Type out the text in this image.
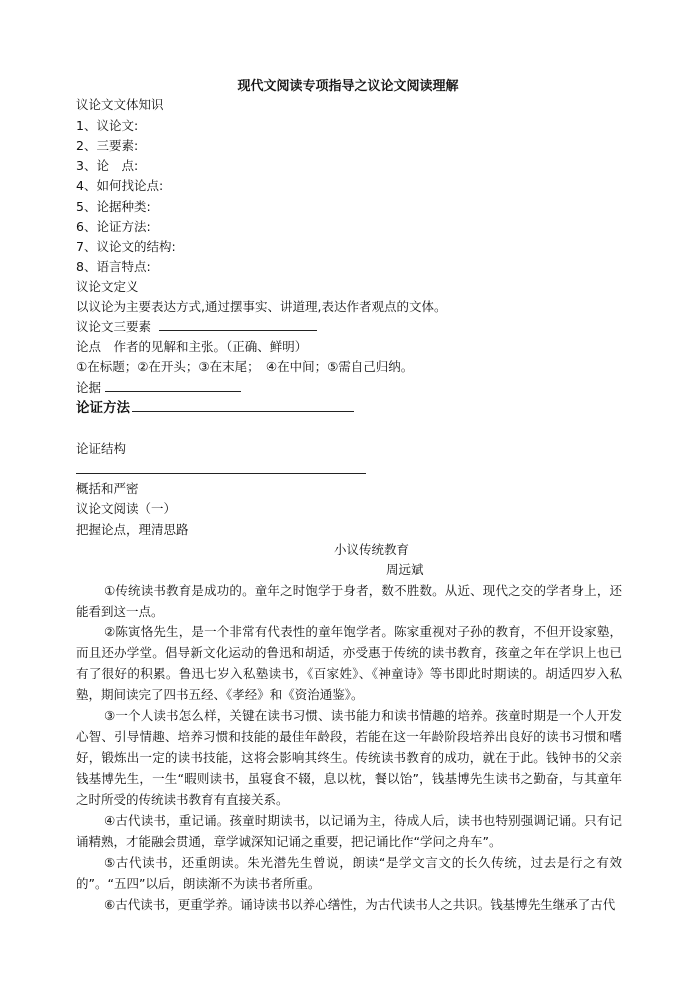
现代文阅读专项指导之议论文阅读理解
议论文文体知识
1、议论文:
2、三要素:
3、论　点:
4、如何找论点:
5、论据种类:
6、论证方法:
7、议论文的结构:
8、语言特点:
议论文定义
以议论为主要表达方式,通过摆事实、讲道理,表达作者观点的文体。
议论文三要素
论点　作者的见解和主张。（正确、鲜明）
①在标题；②在开头；③在末尾；　④在中间；⑤需自己归纳。
论据
论证方法
论证结构
概括和严密
议论文阅读（一）
把握论点，理清思路
小议传统教育
周远斌
①传统读书教育是成功的。童年之时饱学于身者，数不胜数。从近、现代之交的学者身上，还能看到这一点。
②陈寅恪先生，是一个非常有代表性的童年饱学者。陈家重视对子孙的教育，不但开设家塾，而且还办学堂。倡导新文化运动的鲁迅和胡适，亦受惠于传统的读书教育，孩童之年在学识上也已有了很好的积累。鲁迅七岁入私塾读书，《百家姓》、《神童诗》等书即此时期读的。胡适四岁入私塾，期间读完了四书五经、《孝经》和《资治通鉴》。
③一个人读书怎么样，关键在读书习惯、读书能力和读书情趣的培养。孩童时期是一个人开发心智、引导情趣、培养习惯和技能的最佳年龄段，若能在这一年龄阶段培养出良好的读书习惯和嗜好，锻炼出一定的读书技能，这将会影响其终生。传统读书教育的成功，就在于此。钱钟书的父亲钱基博先生，一生“暇则读书，虽寝食不辍，息以枕，餐以饴”，钱基博先生读书之勤奋，与其童年之时所受的传统读书教育有直接关系。
④古代读书，重记诵。孩童时期读书，以记诵为主，待成人后，读书也特别强调记诵。只有记诵精熟，才能融会贯通，章学诚深知记诵之重要，把记诵比作“学问之舟车”。
⑤古代读书，还重朗读。朱光潜先生曾说，朗读“是学文言文的长久传统，过去是行之有效的”。“五四”以后，朗读渐不为读书者所重。
⑥古代读书，更重学养。诵诗读书以养心缮性，为古代读书人之共识。钱基博先生继承了古代
